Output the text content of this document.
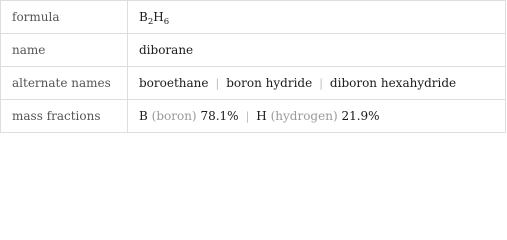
formula	$B_2H_6$
name	diborane
alternate names	boroethane | boron hydride | diboron hexahydride
mass fractions	B (boron) 78.1% | H (hydrogen) 21.9%
